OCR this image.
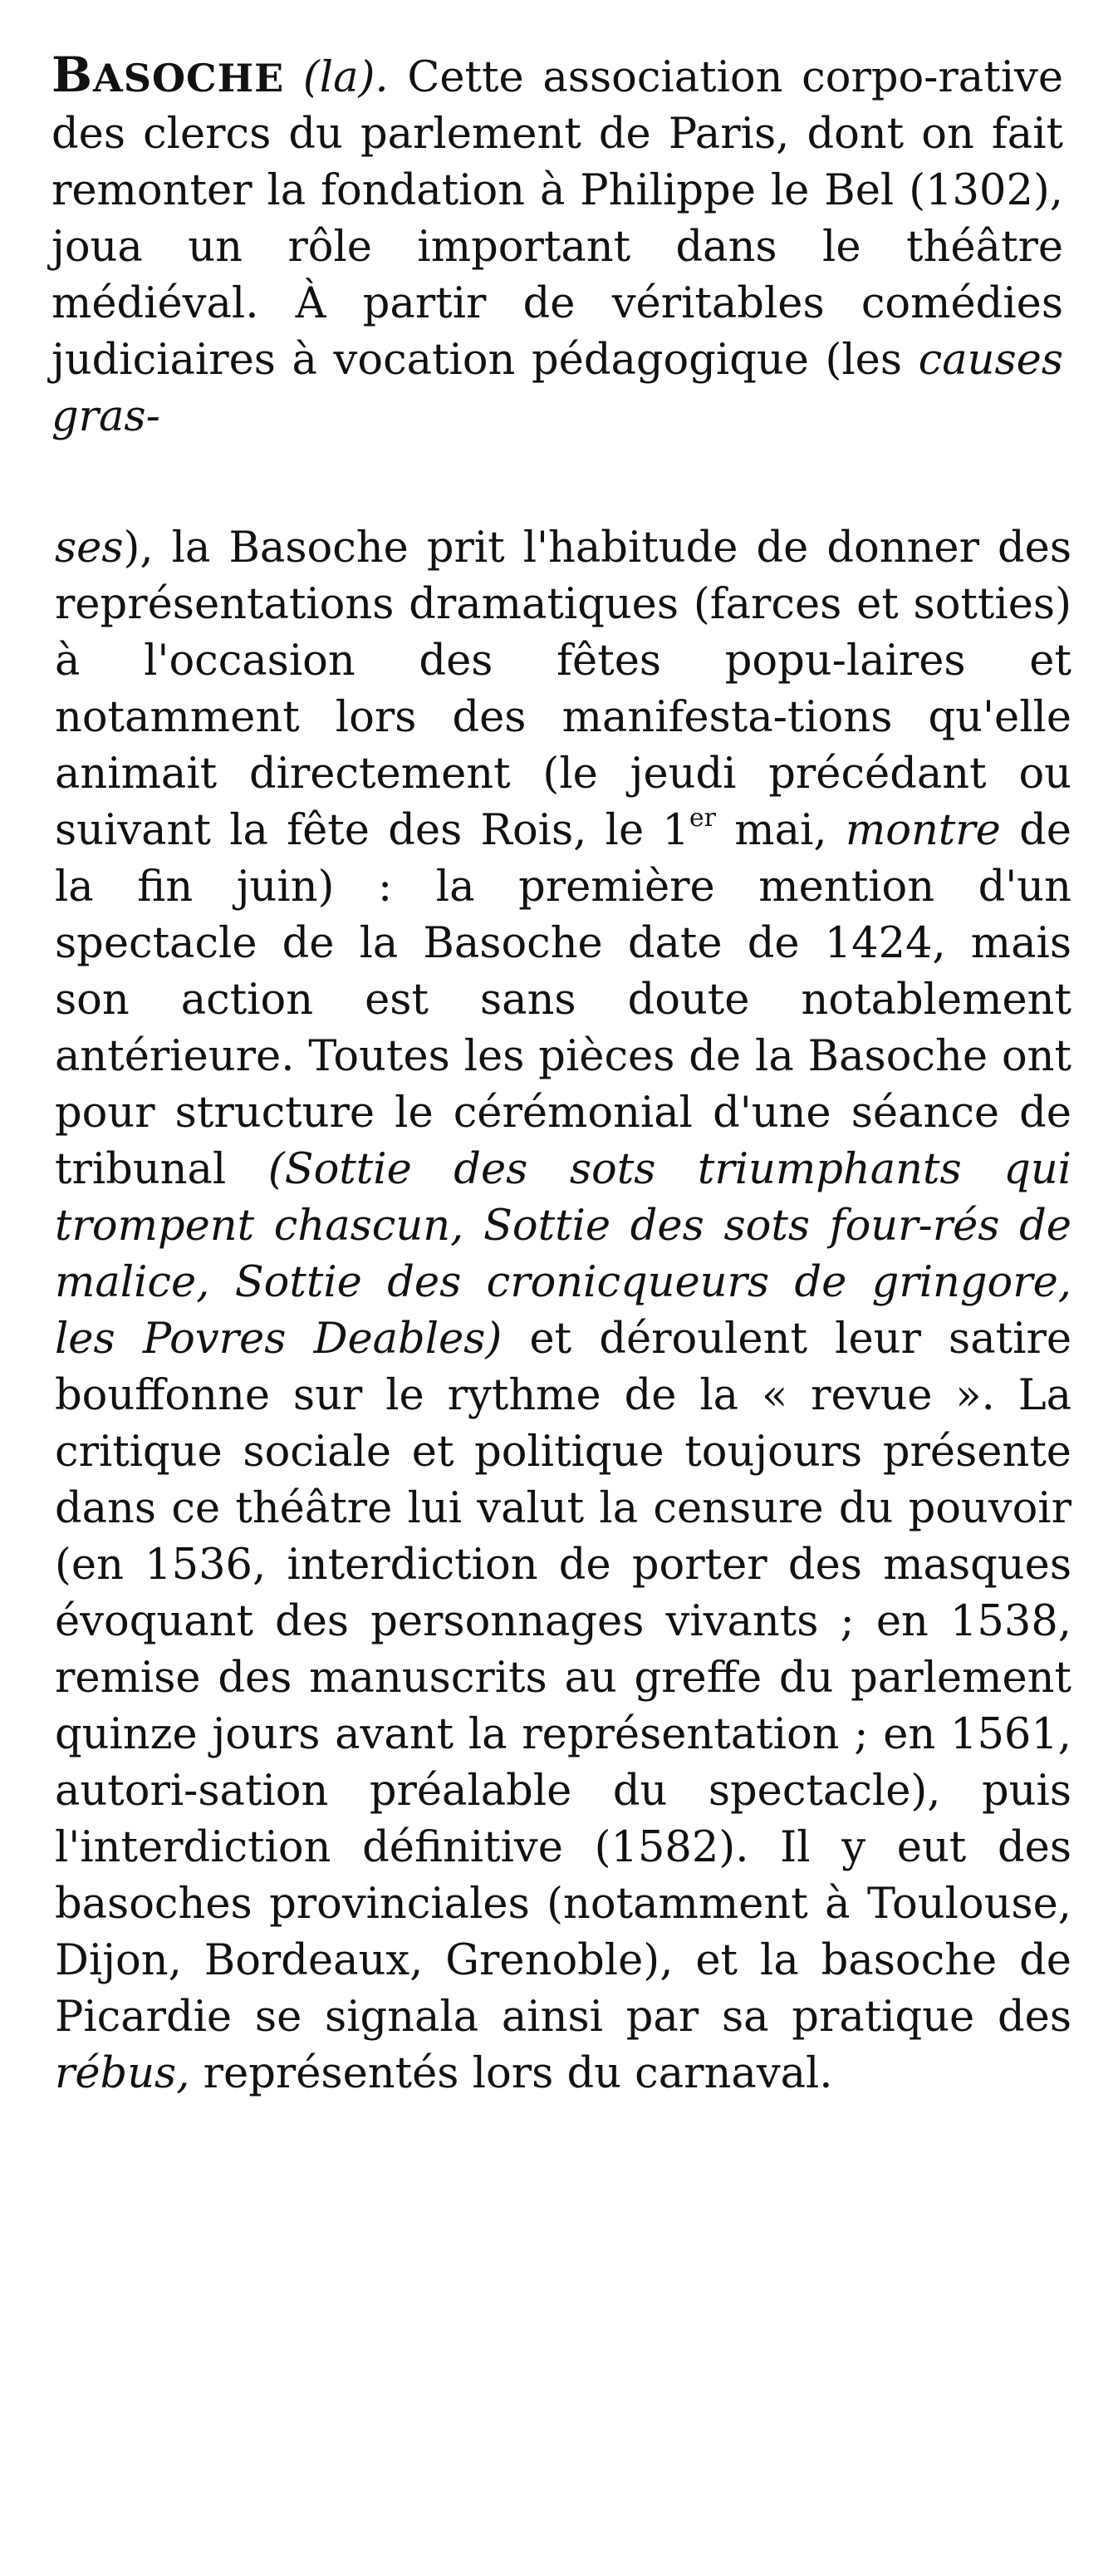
BASOCHE (la). Cette association corpo-rative des clercs du parlement de Paris, dont on fait remonter la fondation à Philippe le Bel (1302), joua un rôle important dans le théâtre médiéval. À partir de véritables comédies judiciaires à vocation pédagogique (les causes gras-
ses), la Basoche prit l'habitude de donner des représentations dramatiques (farces et sotties) à l'occasion des fêtes popu-laires et notamment lors des manifesta-tions qu'elle animait directement (le jeudi précédant ou suivant la fête des Rois, le 1er mai, montre de la fin juin) : la première mention d'un spectacle de la Basoche date de 1424, mais son action est sans doute notablement antérieure. Toutes les pièces de la Basoche ont pour structure le cérémonial d'une séance de tribunal (Sottie des sots triumphants qui trompent chascun, Sottie des sots four-rés de malice, Sottie des cronicqueurs de gringore, les Povres Deables) et déroulent leur satire bouffonne sur le rythme de la « revue ». La critique sociale et politique toujours présente dans ce théâtre lui valut la censure du pouvoir (en 1536, interdiction de porter des masques évoquant des personnages vivants ; en 1538, remise des manuscrits au greffe du parlement quinze jours avant la représentation ; en 1561, autori-sation préalable du spectacle), puis l'interdiction définitive (1582). Il y eut des basoches provinciales (notamment à Toulouse, Dijon, Bordeaux, Grenoble), et la basoche de Picardie se signala ainsi par sa pratique des rébus, représentés lors du carnaval.
